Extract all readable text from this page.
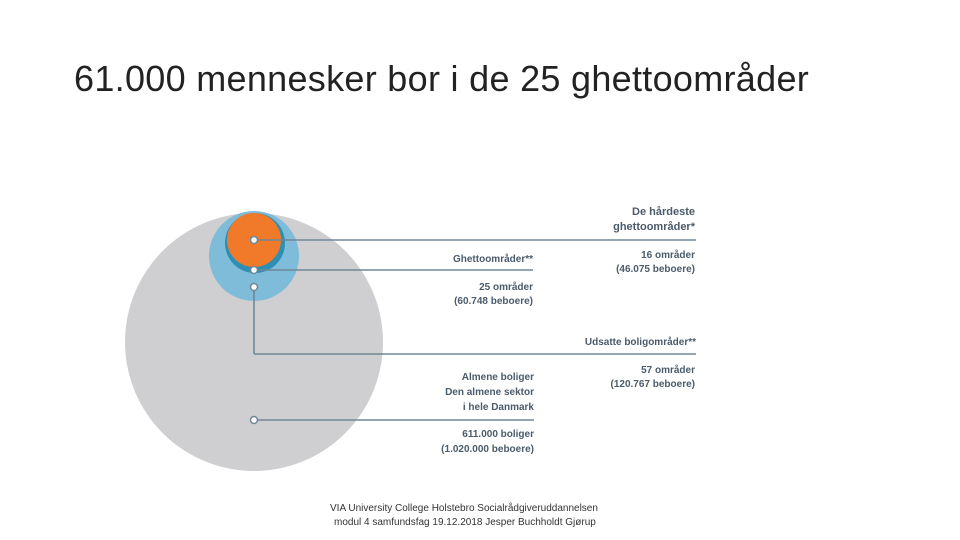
61.000 mennesker bor i de 25 ghettoområder
De hårdeste
ghettoområder*
16 områder
(46.075 beboere)
Ghettoområder**
25 områder
(60.748 beboere)
Udsatte boligområder**
57 områder
(120.767 beboere)
Almene boliger
Den almene sektor
i hele Danmark
611.000 boliger
(1.020.000 beboere)
VIA University College Holstebro Socialrådgiveruddannelsen
modul 4 samfundsfag 19.12.2018 Jesper Buchholdt Gjørup
